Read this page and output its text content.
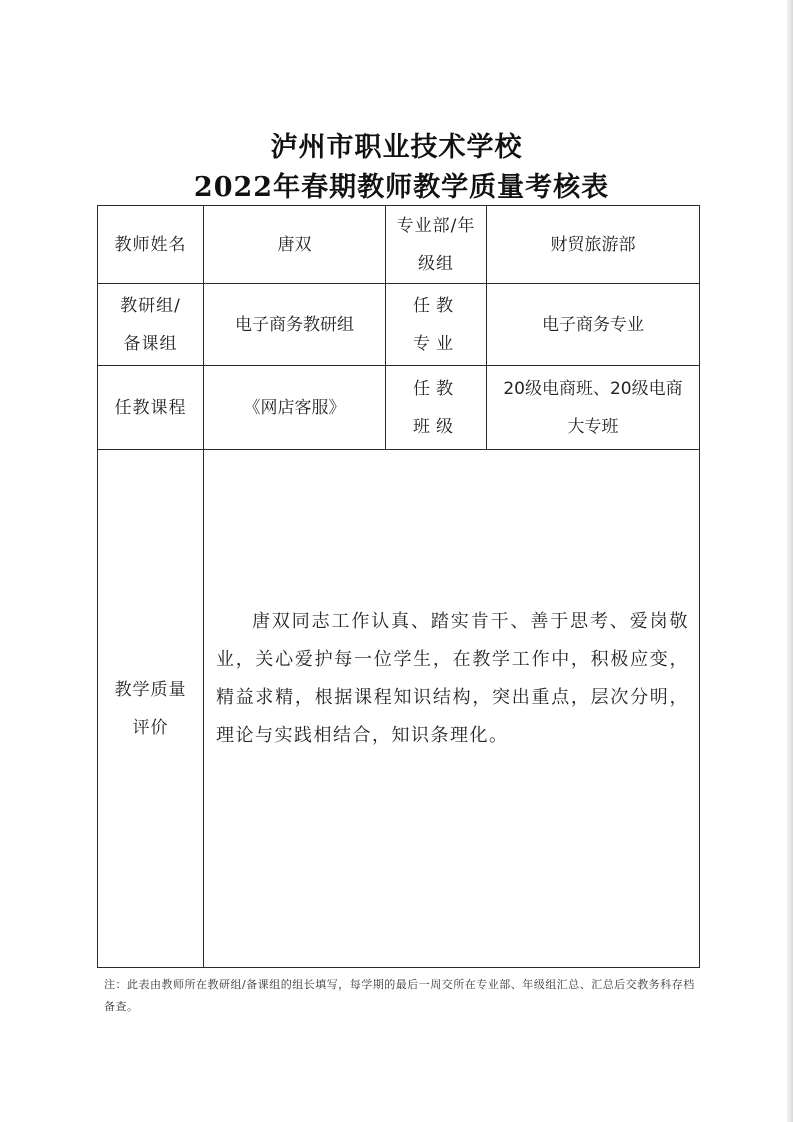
泸州市职业技术学校
2022年春期教师教学质量考核表
教师姓名	唐双	专业部/年级组	财贸旅游部
教研组/备课组	电子商务教研组	任教专业	电子商务专业
任教课程	《网店客服》	任教班级	20级电商班、20级电商大专班
教学质量评价	唐双同志工作认真、踏实肯干、善于思考、爱岗敬业，关心爱护每一位学生，在教学工作中，积极应变，精益求精，根据课程知识结构，突出重点，层次分明，理论与实践相结合，知识条理化。		
注：此表由教师所在教研组/备课组的组长填写，每学期的最后一周交所在专业部、年级组汇总、汇总后交教务科存档备查。
